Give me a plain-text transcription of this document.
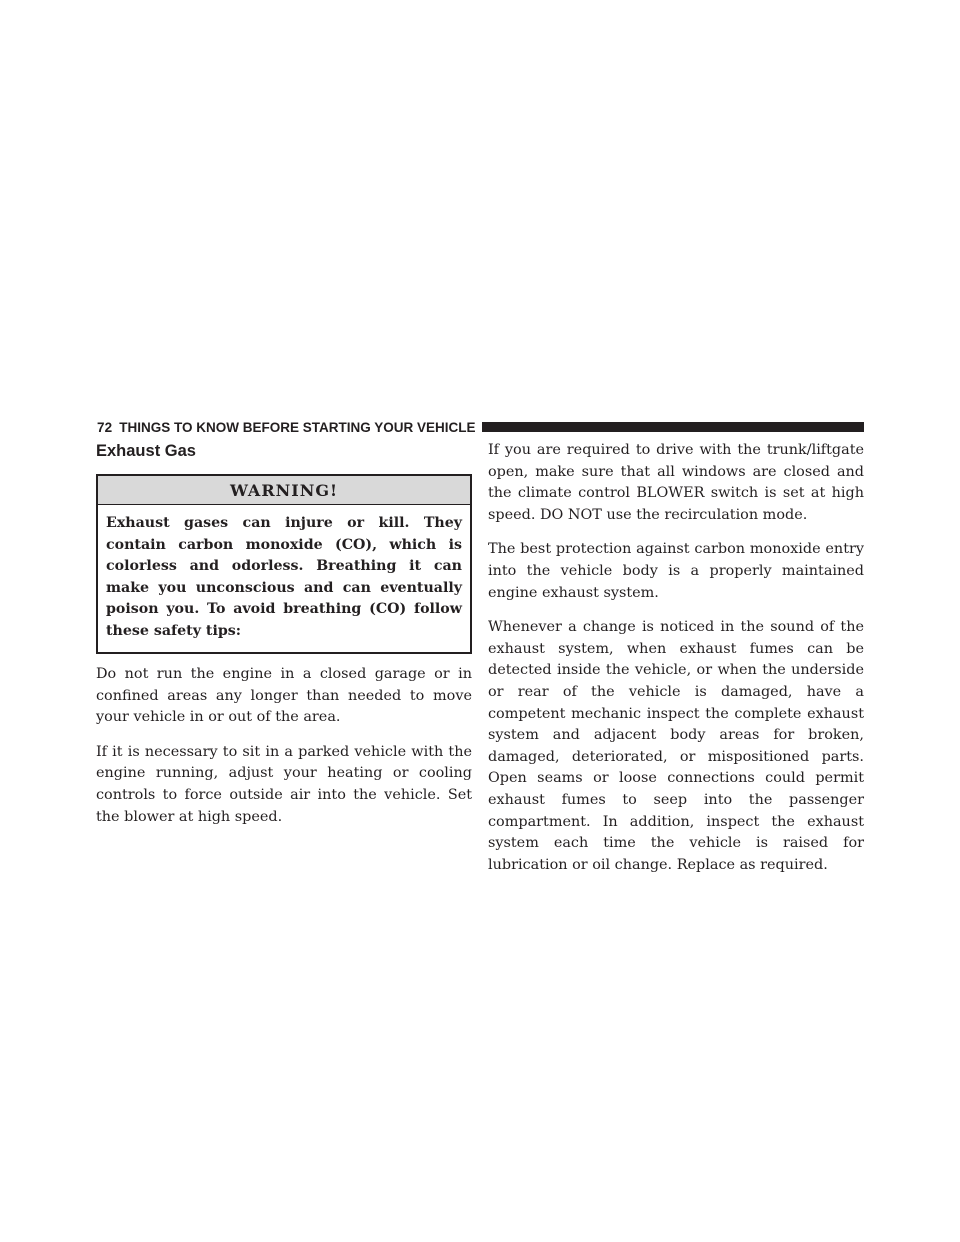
72 THINGS TO KNOW BEFORE STARTING YOUR VEHICLE
Exhaust Gas
WARNING!
Exhaust gases can injure or kill. They contain carbon monoxide (CO), which is colorless and odorless. Breathing it can make you unconscious and can eventually poison you. To avoid breathing (CO) follow these safety tips:

Do not run the engine in a closed garage or in confined areas any longer than needed to move your vehicle in or out of the area.

If it is necessary to sit in a parked vehicle with the engine running, adjust your heating or cooling controls to force outside air into the vehicle. Set the blower at high speed.

If you are required to drive with the trunk/liftgate open, make sure that all windows are closed and the climate control BLOWER switch is set at high speed. DO NOT use the recirculation mode.

The best protection against carbon monoxide entry into the vehicle body is a properly maintained engine exhaust system.

Whenever a change is noticed in the sound of the exhaust system, when exhaust fumes can be detected inside the vehicle, or when the underside or rear of the vehicle is damaged, have a competent mechanic inspect the complete exhaust system and adjacent body areas for broken, damaged, deteriorated, or mispositioned parts. Open seams or loose connections could permit exhaust fumes to seep into the passenger compartment. In addition, inspect the exhaust system each time the vehicle is raised for lubrication or oil change. Replace as required.
